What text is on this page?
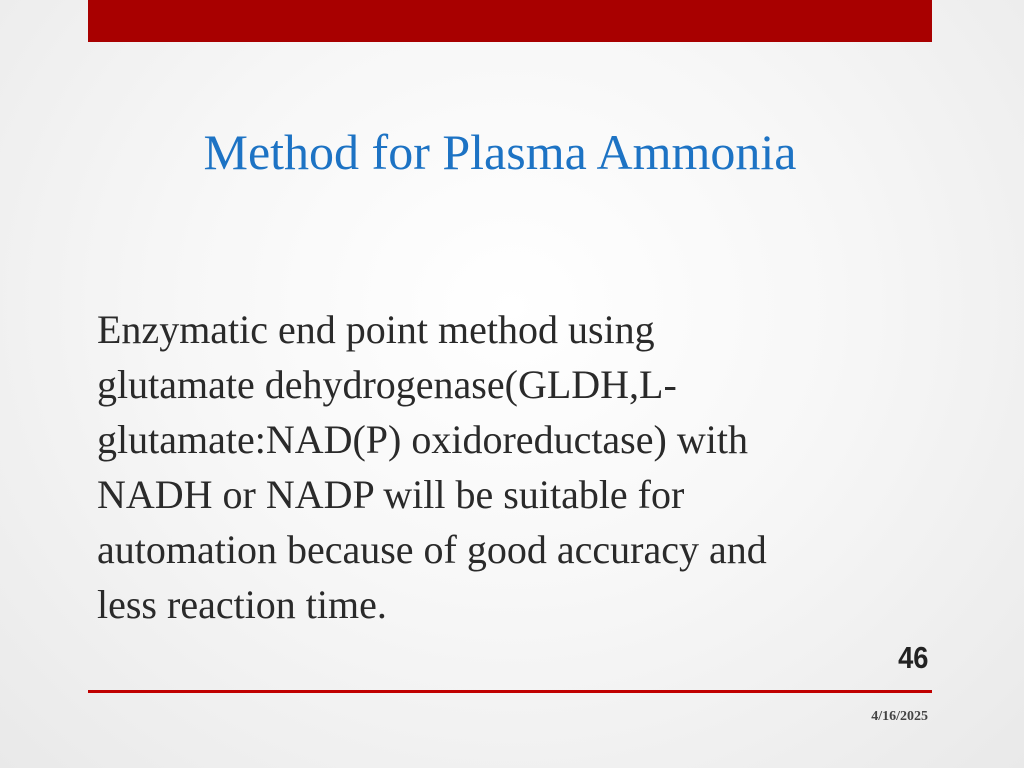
Method for Plasma Ammonia
Enzymatic end point method using
glutamate dehydrogenase(GLDH,L-
glutamate:NAD(P) oxidoreductase) with
NADH or NADP will be suitable for
automation because of good accuracy and
less reaction time.
46
4/16/2025
